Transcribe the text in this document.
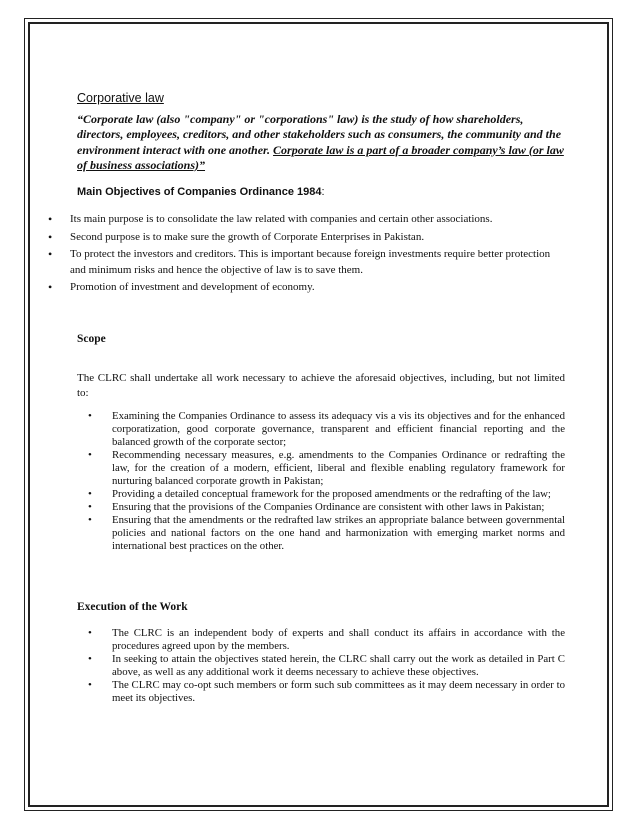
Corporative law
“Corporate law (also "company" or "corporations" law) is the study of how shareholders, directors, employees, creditors, and other stakeholders such as consumers, the community and the environment interact with one another. Corporate law is a part of a broader company’s law (or law of business associations)”
Main Objectives of Companies Ordinance 1984:
•	Its main purpose is to consolidate the law related with companies and certain other associations.
•	Second purpose is to make sure the growth of Corporate Enterprises in Pakistan.
•	To protect the investors and creditors. This is important because foreign investments require better protection and minimum risks and hence the objective of law is to save them.
•	Promotion of investment and development of economy.
Scope
The CLRC shall undertake all work necessary to achieve the aforesaid objectives, including, but not limited to:
•	Examining the Companies Ordinance to assess its adequacy vis a vis its objectives and for the enhanced corporatization, good corporate governance, transparent and efficient financial reporting and the balanced growth of the corporate sector;
•	Recommending necessary measures, e.g. amendments to the Companies Ordinance or redrafting the law, for the creation of a modern, efficient, liberal and flexible enabling regulatory framework for nurturing balanced corporate growth in Pakistan;
•	Providing a detailed conceptual framework for the proposed amendments or the redrafting of the law;
•	Ensuring that the provisions of the Companies Ordinance are consistent with other laws in Pakistan;
•	Ensuring that the amendments or the redrafted law strikes an appropriate balance between governmental policies and national factors on the one hand and harmonization with emerging market norms and international best practices on the other.
Execution of the Work
•	The CLRC is an independent body of experts and shall conduct its affairs in accordance with the procedures agreed upon by the members.
•	In seeking to attain the objectives stated herein, the CLRC shall carry out the work as detailed in Part C above, as well as any additional work it deems necessary to achieve these objectives.
•	The CLRC may co-opt such members or form such sub committees as it may deem necessary in order to meet its objectives.
